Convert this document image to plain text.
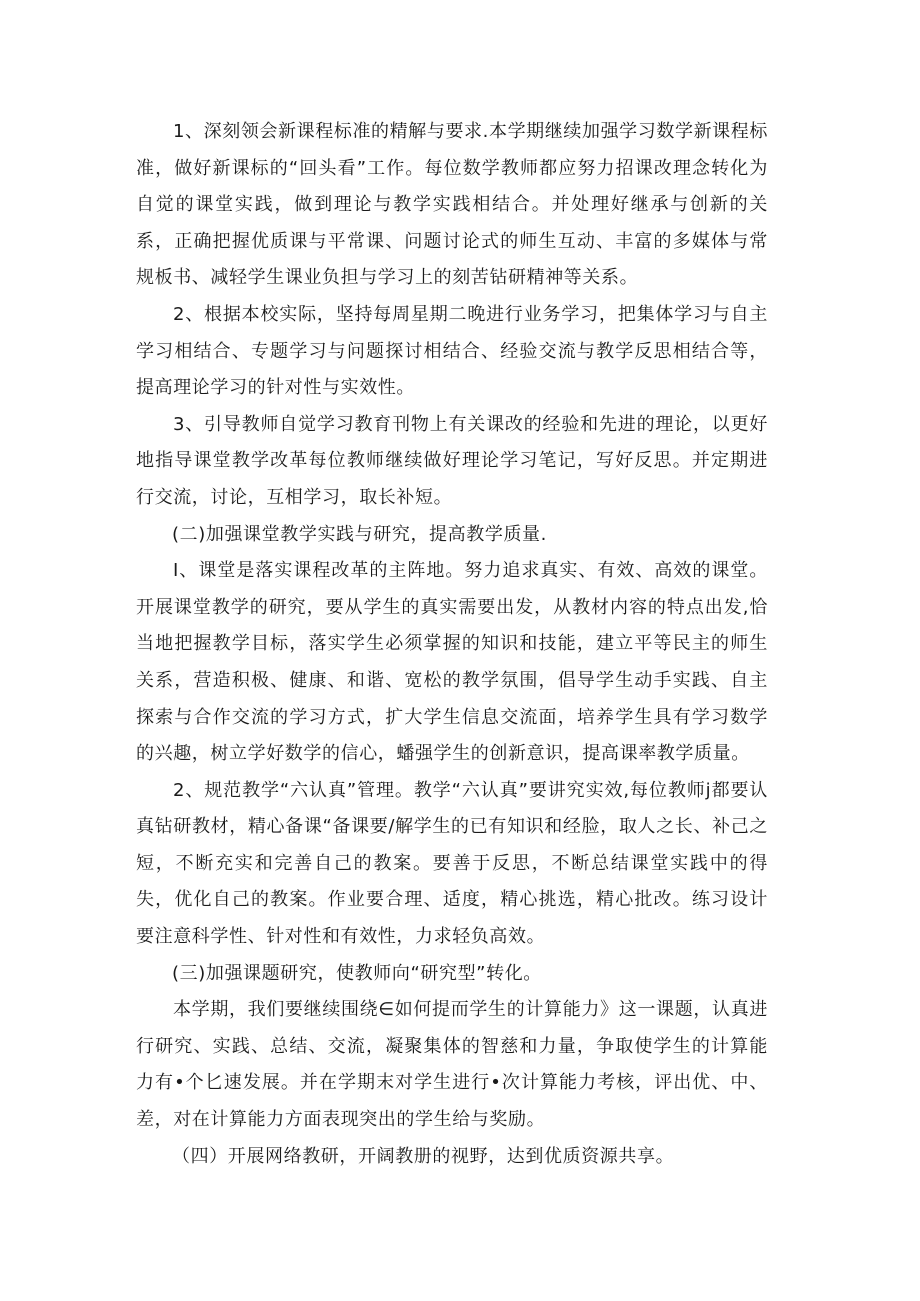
1、深刻领会新课程标准的精解与要求.本学期继续加强学习数学新课程标准，做好新课标的“回头看”工作。每位数学教师都应努力招课改理念转化为自觉的课堂实践，做到理论与教学实践相结合。并处理好继承与创新的关系，正确把握优质课与平常课、问题讨论式的师生互动、丰富的多媒体与常规板书、减轻学生课业负担与学习上的刻苦钻研精神等关系。

2、根据本校实际，坚持每周星期二晚进行业务学习，把集体学习与自主学习相结合、专题学习与问题探讨相结合、经验交流与教学反思相结合等，提高理论学习的针对性与实效性。

3、引导教师自觉学习教育刊物上有关课改的经验和先进的理论，以更好地指导课堂教学改革每位教师继续做好理论学习笔记，写好反思。并定期进行交流，讨论，互相学习，取长补短。

(二)加强课堂教学实践与研究，提高教学质量.

I、课堂是落实课程改革的主阵地。努力追求真实、有效、高效的课堂。开展课堂教学的研究，要从学生的真实需要出发，从教材内容的特点出发,恰当地把握教学目标，落实学生必须掌握的知识和技能，建立平等民主的师生关系，营造积极、健康、和谐、宽松的教学氛围，倡导学生动手实践、自主探索与合作交流的学习方式，扩大学生信息交流面，培养学生具有学习数学的兴趣，树立学好数学的信心，蟠强学生的创新意识，提高课率教学质量。

2、规范教学“六认真”管理。教学“六认真”要讲究实效,每位教师j都要认真钻研教材，精心备课“备课要/解学生的已有知识和经脸，取人之长、补己之短，不断充实和完善自己的教案。要善于反思，不断总结课堂实践中的得失，优化自己的教案。作业要合理、适度，精心挑选，精心批改。练习设计要注意科学性、针对性和有效性，力求轻负高效。

(三)加强课题研究，使教师向“研究型”转化。

本学期，我们要继续围绕∈如何提而学生的计算能力》这一课题，认真进行研究、实践、总结、交流，凝聚集体的智慈和力量，争取使学生的计算能力有•个匕速发展。并在学期末对学生进行•次计算能力考核，评出优、中、差，对在计算能力方面表现突出的学生给与奖励。

（四）开展网络教研，开阔教册的视野，达到优质资源共享。
